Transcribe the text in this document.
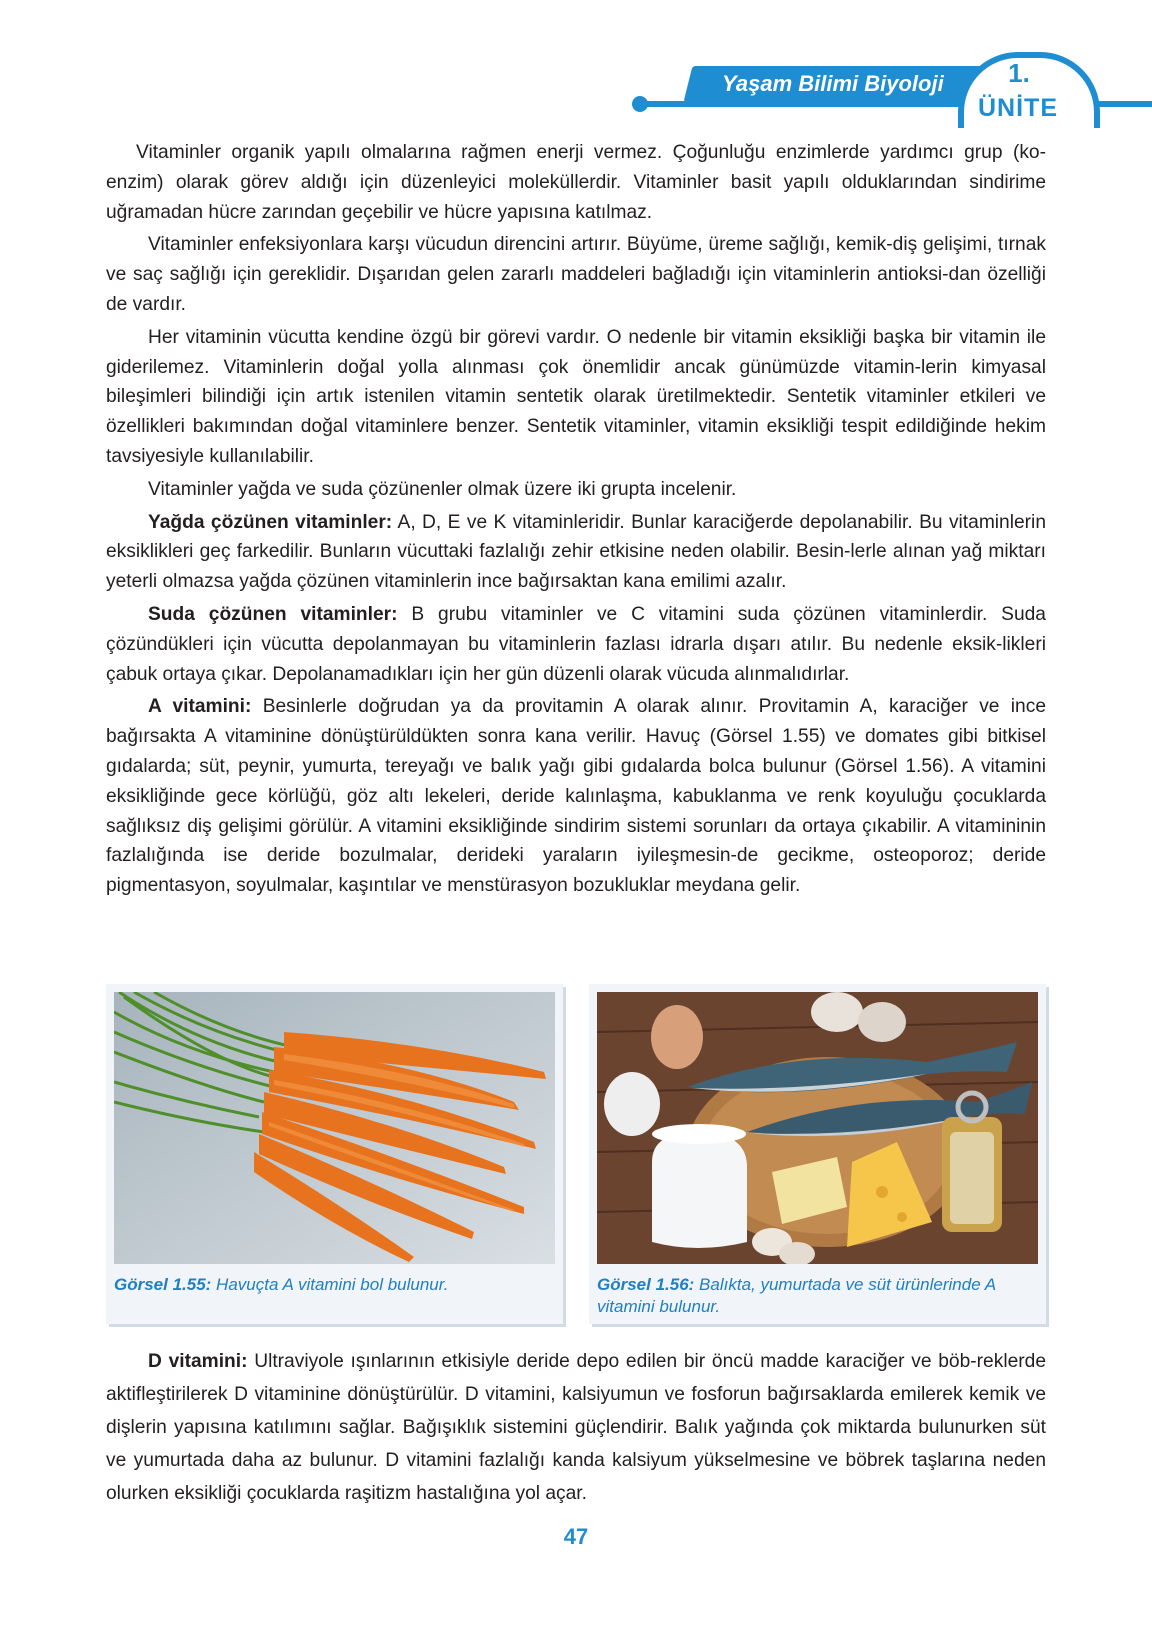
Yaşam Bilimi Biyoloji	1.
ÜNİTE

Vitaminler organik yapılı olmalarına rağmen enerji vermez. Çoğunluğu enzimlerde yardımcı grup (ko-enzim) olarak görev aldığı için düzenleyici moleküllerdir. Vitaminler basit yapılı olduklarından sindirime uğramadan hücre zarından geçebilir ve hücre yapısına katılmaz.

Vitaminler enfeksiyonlara karşı vücudun direncini artırır. Büyüme, üreme sağlığı, kemik-diş gelişimi, tırnak ve saç sağlığı için gereklidir. Dışarıdan gelen zararlı maddeleri bağladığı için vitaminlerin antioksi-dan özelliği de vardır.

Her vitaminin vücutta kendine özgü bir görevi vardır. O nedenle bir vitamin eksikliği başka bir vitamin ile giderilemez. Vitaminlerin doğal yolla alınması çok önemlidir ancak günümüzde vitamin-lerin kimyasal bileşimleri bilindiği için artık istenilen vitamin sentetik olarak üretilmektedir. Sentetik vitaminler etkileri ve özellikleri bakımından doğal vitaminlere benzer. Sentetik vitaminler, vitamin eksikliği tespit edildiğinde hekim tavsiyesiyle kullanılabilir.

Vitaminler yağda ve suda çözünenler olmak üzere iki grupta incelenir.

Yağda çözünen vitaminler: A, D, E ve K vitaminleridir. Bunlar karaciğerde depolanabilir. Bu vitaminlerin eksiklikleri geç farkedilir. Bunların vücuttaki fazlalığı zehir etkisine neden olabilir. Besin-lerle alınan yağ miktarı yeterli olmazsa yağda çözünen vitaminlerin ince bağırsaktan kana emilimi azalır.

Suda çözünen vitaminler: B grubu vitaminler ve C vitamini suda çözünen vitaminlerdir. Suda çözündükleri için vücutta depolanmayan bu vitaminlerin fazlası idrarla dışarı atılır. Bu nedenle eksik-likleri çabuk ortaya çıkar. Depolanamadıkları için her gün düzenli olarak vücuda alınmalıdırlar.

A vitamini: Besinlerle doğrudan ya da provitamin A olarak alınır. Provitamin A, karaciğer ve ince bağırsakta A vitaminine dönüştürüldükten sonra kana verilir. Havuç (Görsel 1.55) ve domates gibi bitkisel gıdalarda; süt, peynir, yumurta, tereyağı ve balık yağı gibi gıdalarda bolca bulunur (Görsel 1.56). A vitamini eksikliğinde gece körlüğü, göz altı lekeleri, deride kalınlaşma, kabuklanma ve renk koyuluğu çocuklarda sağlıksız diş gelişimi görülür. A vitamini eksikliğinde sindirim sistemi sorunları da ortaya çıkabilir. A vitamininin fazlalığında ise deride bozulmalar, derideki yaraların iyileşmesin-de gecikme, osteoporoz; deride pigmentasyon, soyulmalar, kaşıntılar ve menstürasyon bozukluklar meydana gelir.

Görsel 1.55: Havuçta A vitamini bol bulunur.	Görsel 1.56: Balıkta, yumurtada ve süt ürünlerinde A vitamini bulunur.

D vitamini: Ultraviyole ışınlarının etkisiyle deride depo edilen bir öncü madde karaciğer ve böb-reklerde aktifleştirilerek D vitaminine dönüştürülür. D vitamini, kalsiyumun ve fosforun bağırsaklarda emilerek kemik ve dişlerin yapısına katılımını sağlar. Bağışıklık sistemini güçlendirir. Balık yağında çok miktarda bulunurken süt ve yumurtada daha az bulunur. D vitamini fazlalığı kanda kalsiyum yükselmesine ve böbrek taşlarına neden olurken eksikliği çocuklarda raşitizm hastalığına yol açar.

47
